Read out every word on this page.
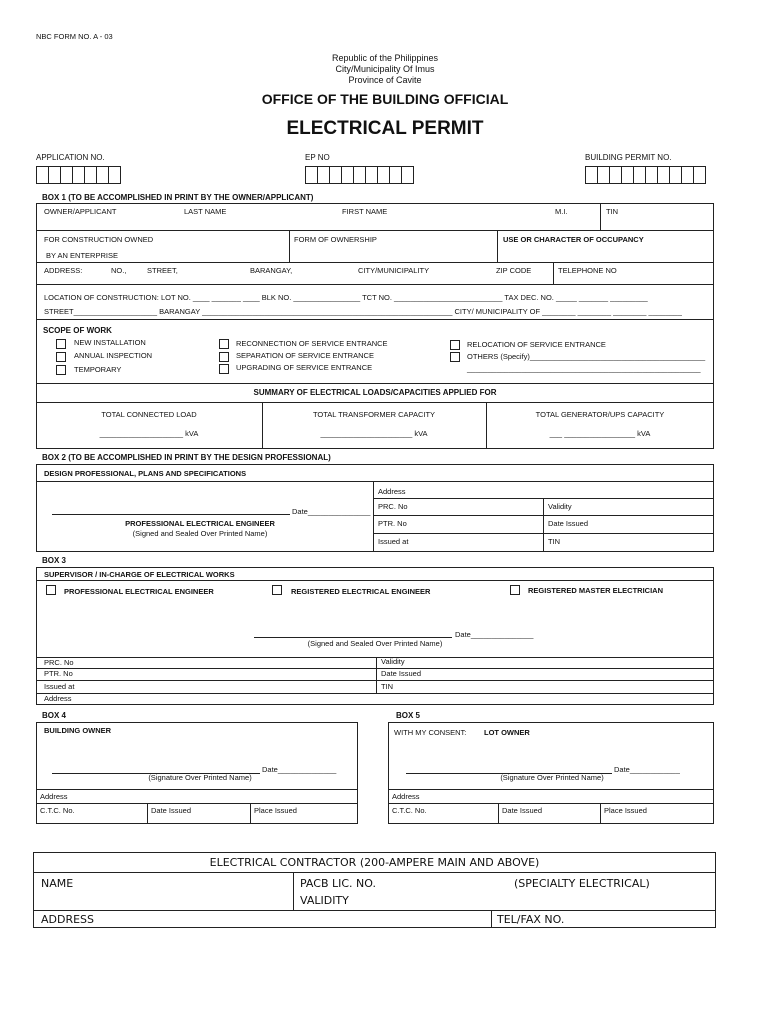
NBC FORM NO. A - 03
Republic of the Philippines
City/Municipality Of Imus
Province of Cavite
OFFICE OF THE BUILDING OFFICIAL
ELECTRICAL PERMIT
APPLICATION NO.	EP NO	BUILDING PERMIT NO.
BOX 1 (TO BE ACCOMPLISHED IN PRINT BY THE OWNER/APPLICANT)
OWNER/APPLICANT	LAST NAME	FIRST NAME	M.I.	TIN
FOR CONSTRUCTION OWNED
BY AN ENTERPRISE
FORM OF OWNERSHIP	USE OR CHARACTER OF OCCUPANCY
ADDRESS:	NO.,	STREET,	BARANGAY,	CITY/MUNICIPALITY	ZIP CODE	TELEPHONE NO
LOCATION OF CONSTRUCTION: LOT NO. ____ _______ ____ BLK NO. ________________ TCT NO. __________________________ TAX DEC. NO. _____ _______ _________
STREET____________________ BARANGAY ____________________________________________________________ CITY/ MUNICIPALITY OF ________ ________ ________ ________
SCOPE OF WORK
NEW INSTALLATION
ANNUAL INSPECTION
TEMPORARY
RECONNECTION OF SERVICE ENTRANCE
SEPARATION OF SERVICE ENTRANCE
UPGRADING OF SERVICE ENTRANCE
RELOCATION OF SERVICE ENTRANCE
OTHERS (Specify)__________________________________________
________________________________________________________
SUMMARY OF ELECTRICAL LOADS/CAPACITIES APPLIED FOR
TOTAL CONNECTED LOAD	TOTAL TRANSFORMER CAPACITY	TOTAL GENERATOR/UPS CAPACITY
____________________ kVA	______________________ kVA	___ _________________ kVA
BOX 2 (TO BE ACCOMPLISHED IN PRINT BY THE DESIGN PROFESSIONAL)
DESIGN PROFESSIONAL, PLANS AND SPECIFICATIONS
Date_______________
PROFESSIONAL ELECTRICAL ENGINEER
(Signed and Sealed Over Printed Name)
Address
PRC. No	Validity
PTR. No	Date Issued
Issued at	TIN
BOX 3
SUPERVISOR / IN-CHARGE OF ELECTRICAL WORKS
PROFESSIONAL ELECTRICAL ENGINEER	REGISTERED ELECTRICAL ENGINEER	REGISTERED MASTER ELECTRICIAN
Date_______________
(Signed and Sealed Over Printed Name)
PRC. No	Validity
PTR. No	Date Issued
Issued at	TIN
Address
BOX 4
BUILDING OWNER
Date______________
(Signature Over Printed Name)
Address
C.T.C. No.	Date Issued	Place Issued
BOX 5
WITH MY CONSENT: LOT OWNER
Date____________
(Signature Over Printed Name)
Address
C.T.C. No.	Date Issued	Place Issued
ELECTRICAL CONTRACTOR (200-AMPERE MAIN AND ABOVE)
NAME	PACB LIC. NO.	(SPECIALTY ELECTRICAL)
VALIDITY
ADDRESS	TEL/FAX NO.
